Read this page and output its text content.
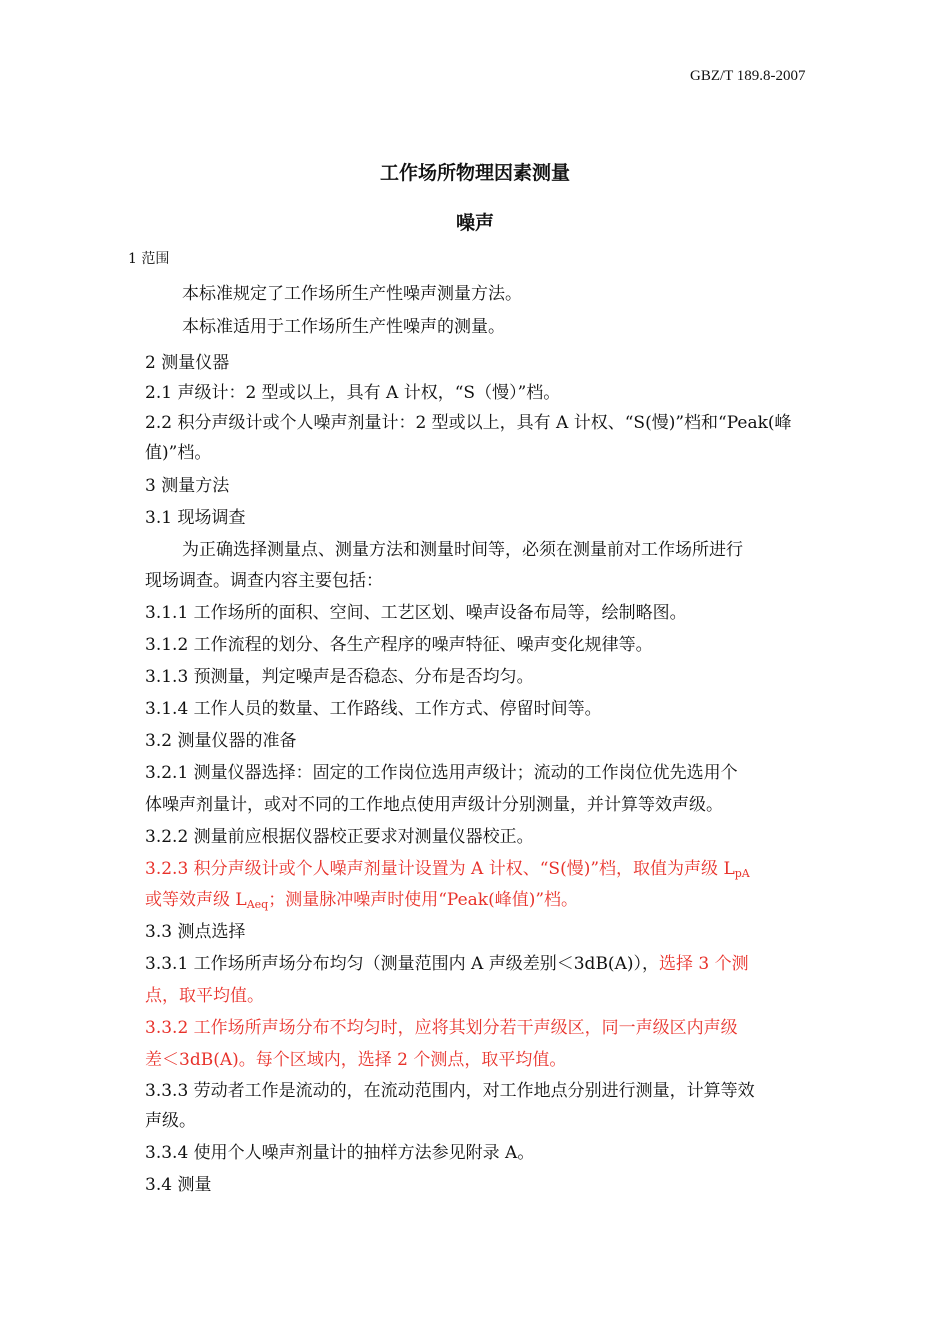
GBZ/T 189.8-2007
工作场所物理因素测量
噪声
1 范围
本标准规定了工作场所生产性噪声测量方法。
本标准适用于工作场所生产性噪声的测量。
2 测量仪器
2.1 声级计：2 型或以上，具有 A 计权，“S（慢）”档。
2.2 积分声级计或个人噪声剂量计：2 型或以上，具有 A 计权、“S(慢)”档和“Peak(峰
值)”档。
3 测量方法
3.1 现场调查
为正确选择测量点、测量方法和测量时间等，必须在测量前对工作场所进行
现场调查。调查内容主要包括：
3.1.1 工作场所的面积、空间、工艺区划、噪声设备布局等，绘制略图。
3.1.2 工作流程的划分、各生产程序的噪声特征、噪声变化规律等。
3.1.3 预测量，判定噪声是否稳态、分布是否均匀。
3.1.4 工作人员的数量、工作路线、工作方式、停留时间等。
3.2 测量仪器的准备
3.2.1 测量仪器选择：固定的工作岗位选用声级计；流动的工作岗位优先选用个
体噪声剂量计，或对不同的工作地点使用声级计分别测量，并计算等效声级。
3.2.2 测量前应根据仪器校正要求对测量仪器校正。
3.2.3 积分声级计或个人噪声剂量计设置为 A 计权、“S(慢)”档，取值为声级 $L_{pA}$
或等效声级 $L_{Aeq}$；测量脉冲噪声时使用“Peak(峰值)”档。
3.3 测点选择
3.3.1 工作场所声场分布均匀（测量范围内 A 声级差别＜3dB(A)），选择 3 个测
点，取平均值。
3.3.2 工作场所声场分布不均匀时，应将其划分若干声级区，同一声级区内声级
差＜3dB(A)。每个区域内，选择 2 个测点，取平均值。
3.3.3 劳动者工作是流动的，在流动范围内，对工作地点分别进行测量，计算等效
声级。
3.3.4 使用个人噪声剂量计的抽样方法参见附录 A。
3.4 测量
